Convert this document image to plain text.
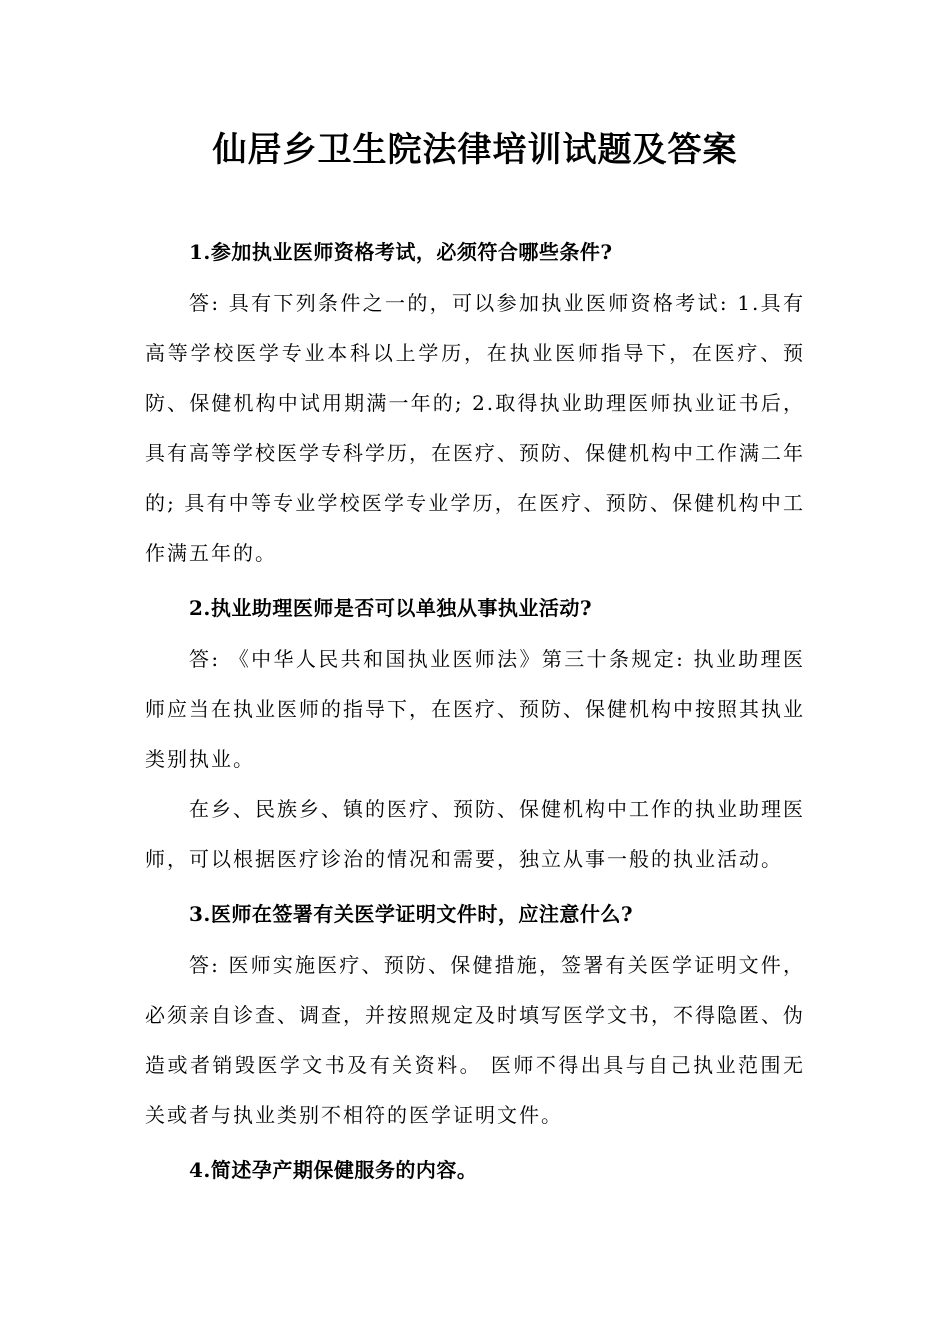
仙居乡卫生院法律培训试题及答案
1.参加执业医师资格考试，必须符合哪些条件?
答: 具有下列条件之一的，可以参加执业医师资格考试: 1.具有高等学校医学专业本科以上学历，在执业医师指导下，在医疗、预防、保健机构中试用期满一年的; 2.取得执业助理医师执业证书后，具有高等学校医学专科学历，在医疗、预防、保健机构中工作满二年的; 具有中等专业学校医学专业学历，在医疗、预防、保健机构中工作满五年的。
2.执业助理医师是否可以单独从事执业活动?
答: 《中华人民共和国执业医师法》第三十条规定: 执业助理医师应当在执业医师的指导下，在医疗、预防、保健机构中按照其执业类别执业。
在乡、民族乡、镇的医疗、预防、保健机构中工作的执业助理医师，可以根据医疗诊治的情况和需要，独立从事一般的执业活动。
3.医师在签署有关医学证明文件时，应注意什么?
答: 医师实施医疗、预防、保健措施，签署有关医学证明文件，必须亲自诊查、调查，并按照规定及时填写医学文书，不得隐匿、伪造或者销毁医学文书及有关资料。 医师不得出具与自己执业范围无关或者与执业类别不相符的医学证明文件。
4.简述孕产期保健服务的内容。
